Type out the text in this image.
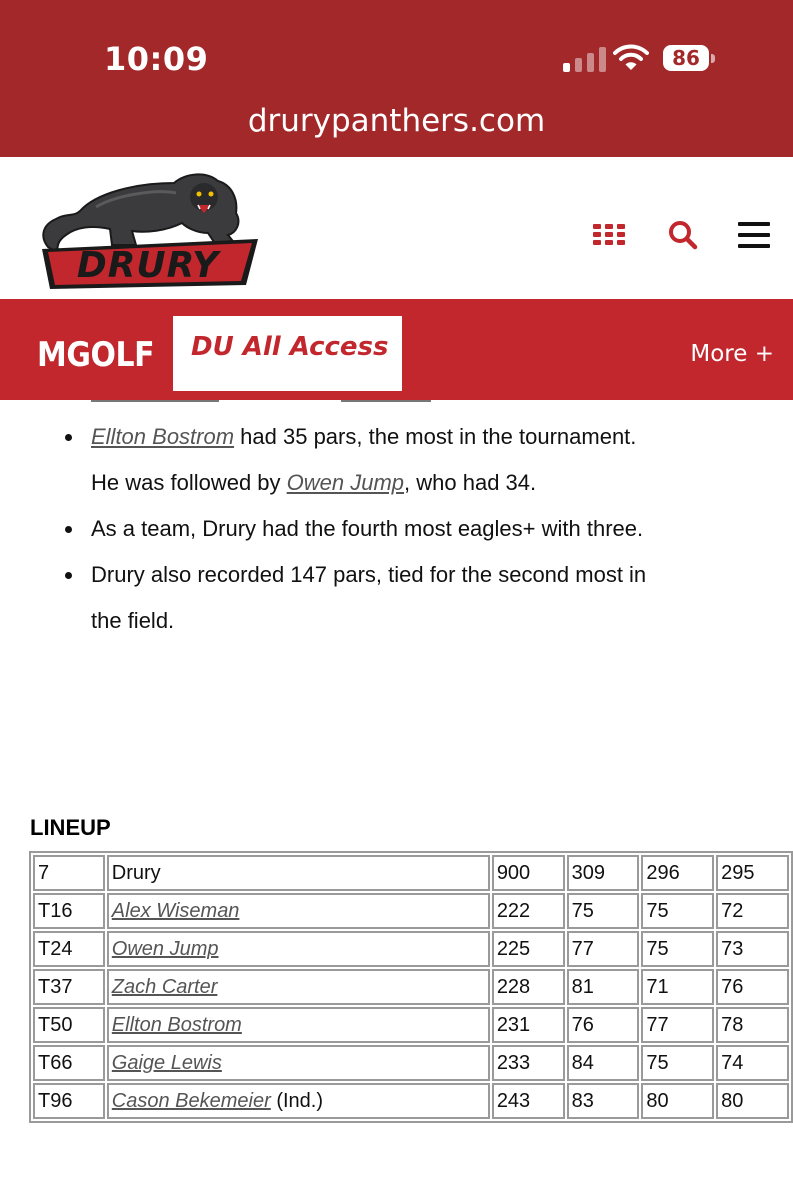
10:09	86
drurypanthers.com
DRURY
MGOLF DU All Access	More +
Ellton Bostrom had 35 pars, the most in the tournament. He was followed by Owen Jump, who had 34.
As a team, Drury had the fourth most eagles+ with three.
Drury also recorded 147 pars, tied for the second most in the field.
LINEUP
7	Drury	900	309	296	295
T16	Alex Wiseman	222	75	75	72
T24	Owen Jump	225	77	75	73
T37	Zach Carter	228	81	71	76
T50	Ellton Bostrom	231	76	77	78
T66	Gaige Lewis	233	84	75	74
T96	Cason Bekemeier (Ind.)	243	83	80	80
